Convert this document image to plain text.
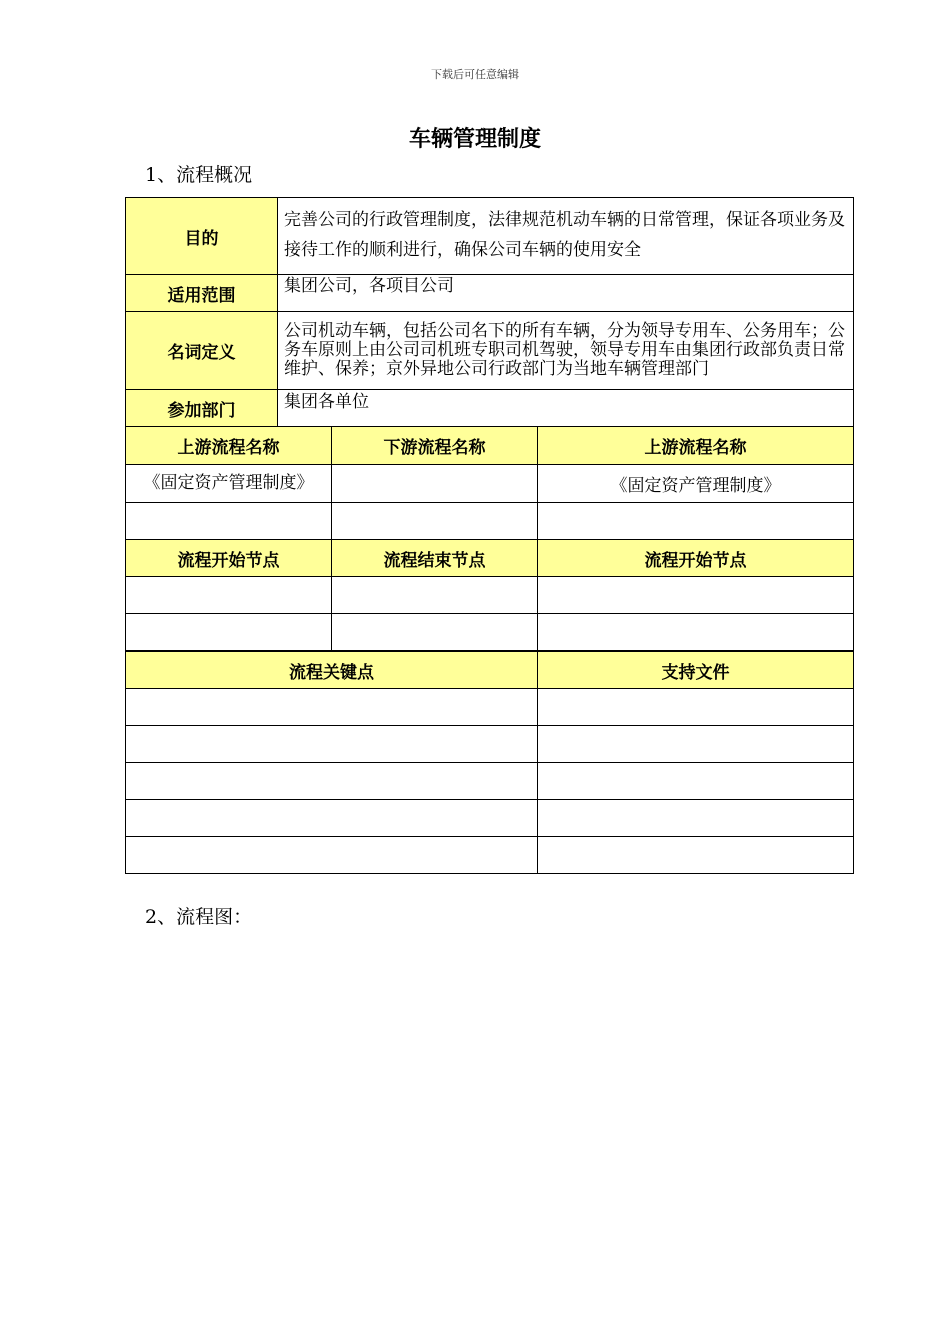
下载后可任意编辑
车辆管理制度
1、流程概况
目的	完善公司的行政管理制度，法律规范机动车辆的日常管理，保证各项业务及接待工作的顺利进行，确保公司车辆的使用安全
适用范围	集团公司，各项目公司
名词定义	公司机动车辆，包括公司名下的所有车辆，分为领导专用车、公务用车；公务车原则上由公司司机班专职司机驾驶，领导专用车由集团行政部负责日常维护、保养；京外异地公司行政部门为当地车辆管理部门
参加部门	集团各单位
上游流程名称	下游流程名称	上游流程名称
《固定资产管理制度》		《固定资产管理制度》

流程开始节点	流程结束节点	流程开始节点

流程关键点	支持文件

2、流程图：
